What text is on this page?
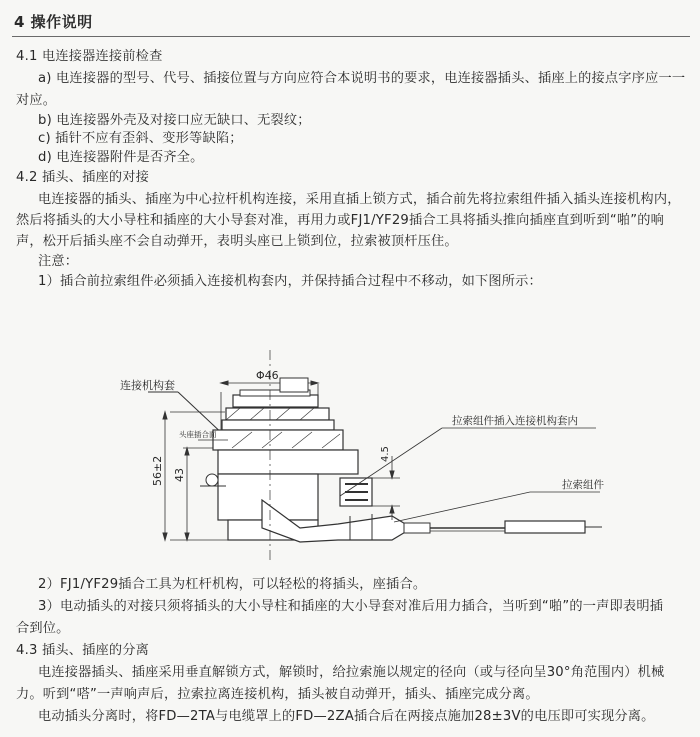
4 操作说明
4.1 电连接器连接前检查
a) 电连接器的型号、代号、插接位置与方向应符合本说明书的要求，电连接器插头、插座上的接点字序应一一
对应。
b) 电连接器外壳及对接口应无缺口、无裂纹；
c) 插针不应有歪斜、变形等缺陷；
d) 电连接器附件是否齐全。
4.2 插头、插座的对接
电连接器的插头、插座为中心拉杆机构连接，采用直插上锁方式，插合前先将拉索组件插入插头连接机构内，
然后将插头的大小导柱和插座的大小导套对准，再用力或FJ1/YF29插合工具将插头推向插座直到听到“啪”的响
声，松开后插头座不会自动弹开，表明头座已上锁到位，拉索被顶杆压住。
注意：
1）插合前拉索组件必须插入连接机构套内，并保持插合过程中不移动，如下图所示：
连接机构套
头座插合面
拉索组件插入连接机构套内
拉索组件
Φ46
56±2 43
4.5
2）FJ1/YF29插合工具为杠杆机构，可以轻松的将插头，座插合。
3）电动插头的对接只须将插头的大小导柱和插座的大小导套对准后用力插合，当听到“啪”的一声即表明插
合到位。
4.3 插头、插座的分离
电连接器插头、插座采用垂直解锁方式，解锁时，给拉索施以规定的径向（或与径向呈30°角范围内）机械
力。听到“嗒”一声响声后，拉索拉离连接机构，插头被自动弹开，插头、插座完成分离。
电动插头分离时，将FD—2TA与电缆罩上的FD—2ZA插合后在两接点施加28±3V的电压即可实现分离。
